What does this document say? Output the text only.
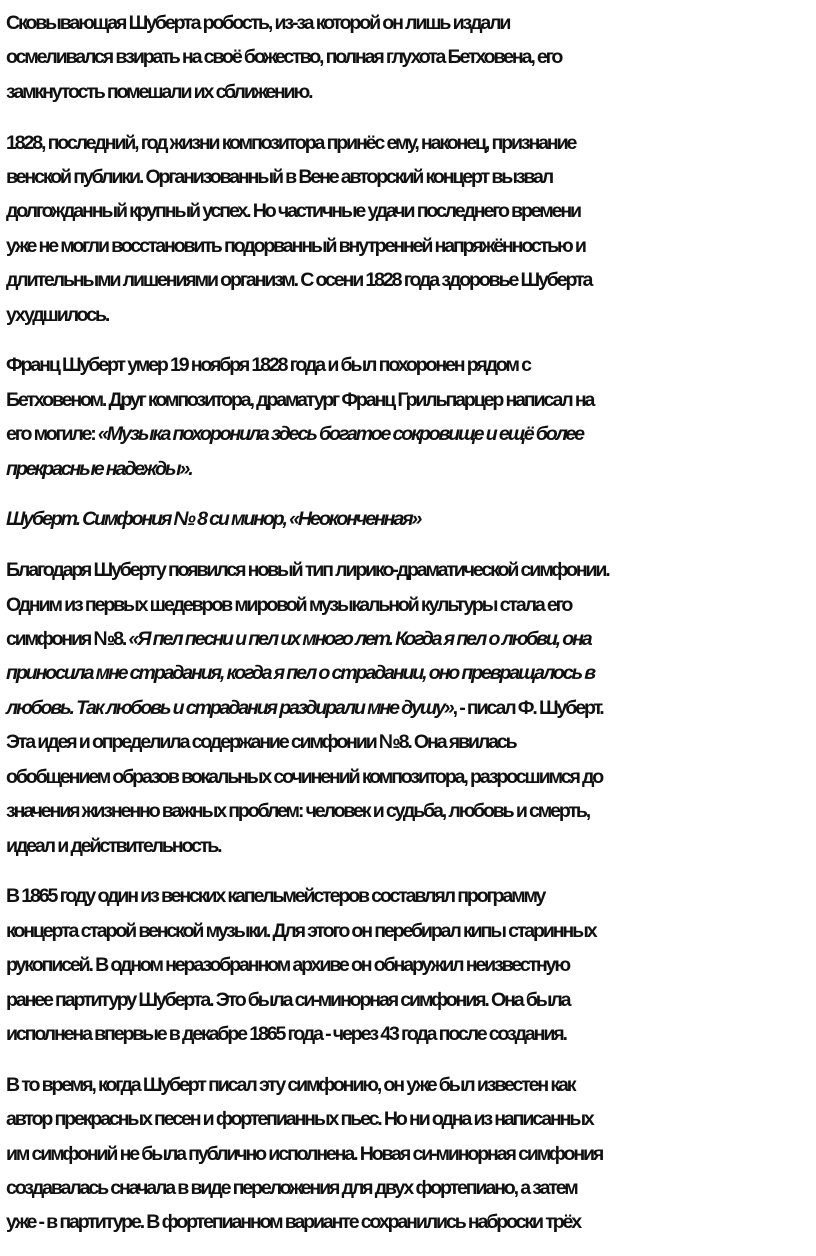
Сковывающая Шуберта робость, из-за которой он лишь издали
осмеливался взирать на своё божество, полная глухота Бетховена, его
замкнутость помешали их сближению.
1828, последний, год жизни композитора принёс ему, наконец, признание
венской публики. Организованный в Вене авторский концерт вызвал
долгожданный крупный успех. Но частичные удачи последнего времени
уже не могли восстановить подорванный внутренней напряжённостью и
длительными лишениями организм. С осени 1828 года здоровье Шуберта
ухудшилось.
Франц Шуберт умер 19 ноября 1828 года и был похоронен рядом с
Бетховеном. Друг композитора, драматург Франц Грильпарцер написал на
его могиле: «Музыка похоронила здесь богатое сокровище и ещё более
прекрасные надежды».
Шуберт. Симфония № 8 си минор, «Неоконченная»
Благодаря Шуберту появился новый тип лирико-драматической симфонии.
Одним из первых шедевров мировой музыкальной культуры стала его
симфония №8. «Я пел песни и пел их много лет. Когда я пел о любви, она
приносила мне страдания, когда я пел о страдании, оно превращалось в
любовь. Так любовь и страдания раздирали мне душу», - писал Ф. Шуберт.
Эта идея и определила содержание симфонии №8. Она явилась
обобщением образов вокальных сочинений композитора, разросшимся до
значения жизненно важных проблем: человек и судьба, любовь и смерть,
идеал и действительность.
В 1865 году один из венских капельмейстеров составлял программу
концерта старой венской музыки. Для этого он перебирал кипы старинных
рукописей. В одном неразобранном архиве он обнаружил неизвестную
ранее партитуру Шуберта. Это была си-минорная симфония. Она была
исполнена впервые в декабре 1865 года - через 43 года после создания.
В то время, когда Шуберт писал эту симфонию, он уже был известен как
автор прекрасных песен и фортепианных пьес. Но ни одна из написанных
им симфоний не была публично исполнена. Новая си-минорная симфония
создавалась сначала в виде переложения для двух фортепиано, а затем
уже - в партитуре. В фортепианном варианте сохранились наброски трёх
